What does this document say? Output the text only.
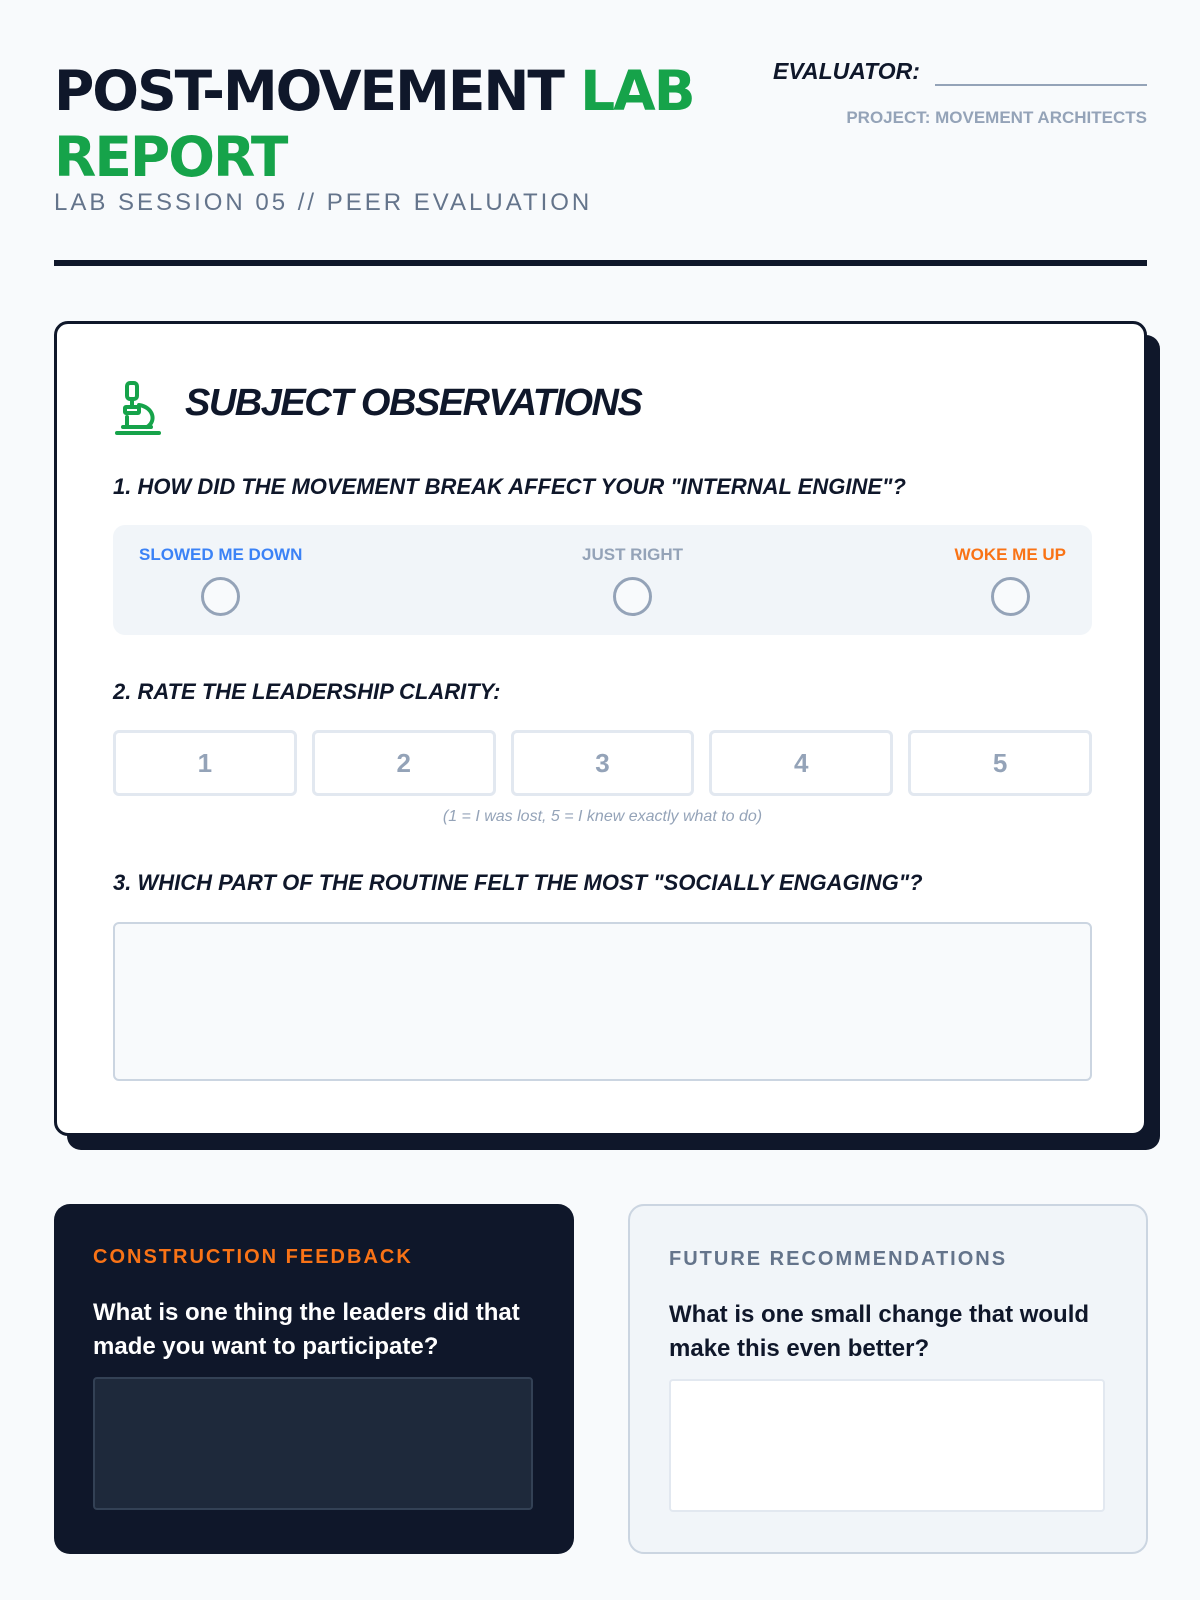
POST-MOVEMENT LAB
REPORT
LAB SESSION 05 // PEER EVALUATION
EVALUATOR:
PROJECT: MOVEMENT ARCHITECTS
SUBJECT OBSERVATIONS
1. HOW DID THE MOVEMENT BREAK AFFECT YOUR "INTERNAL ENGINE"?
SLOWED ME DOWN	JUST RIGHT	WOKE ME UP
2. RATE THE LEADERSHIP CLARITY:
1	2	3	4	5
(1 = I was lost, 5 = I knew exactly what to do)
3. WHICH PART OF THE ROUTINE FELT THE MOST "SOCIALLY ENGAGING"?
CONSTRUCTION FEEDBACK
What is one thing the leaders did that made you want to participate?
FUTURE RECOMMENDATIONS
What is one small change that would make this even better?
